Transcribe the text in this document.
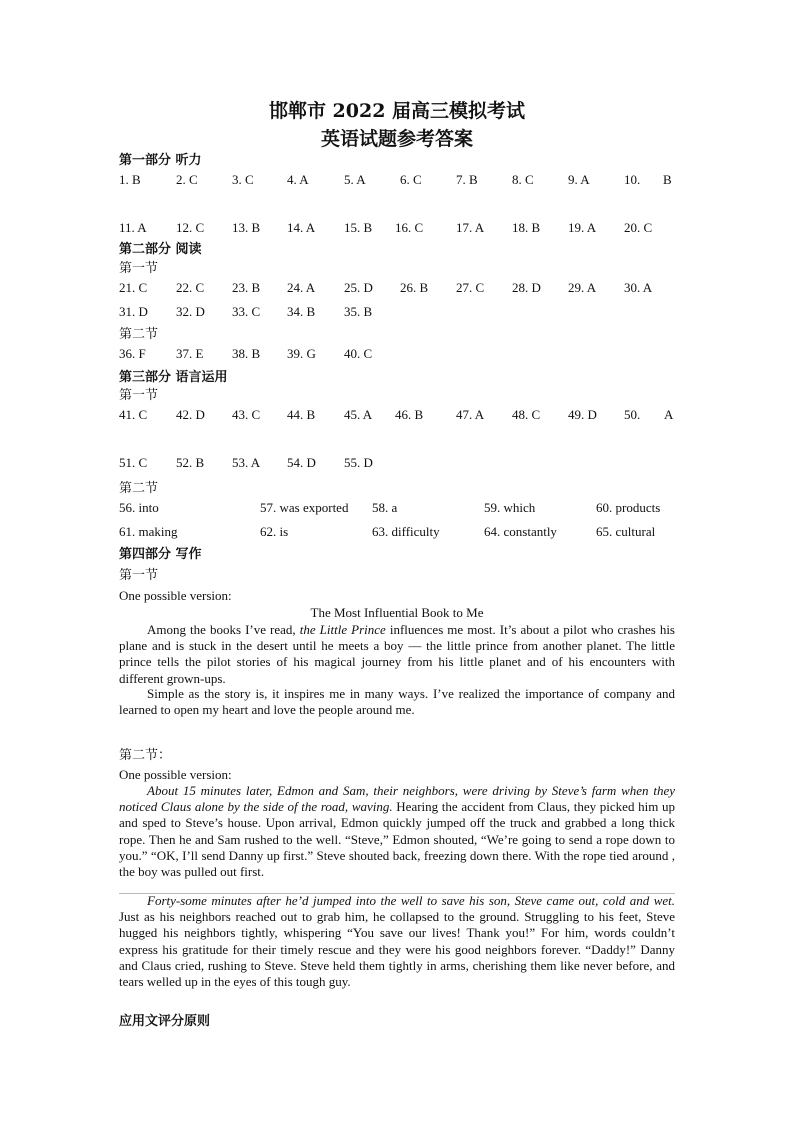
邯郸市 2022 届高三模拟考试
英语试题参考答案
第一部分 听力
1. B	2. C	3. C	4. A	5. A	6. C	7. B	8. C	9. A	10. B
11. A 12. C 13. B 14. A 15. B 16. C	17. A 18. B 19. A 20. C
第二部分 阅读
第一节
21. C 22. C 23. B 24. A 25. D 26. B 27. C 28. D 29. A 30. A
31. D 32. D 33. C 34. B 35. B
第二节
36. F 37. E 38. B 39. G 40. C
第三部分 语言运用
第一节
41. C 42. D 43. C 44. B 45. A 46. B	47. A 48. C 49. D 50. A
51. C 52. B 53. A 54. D 55. D
第二节
56. into	57. was exported 58. a	59. which	60. products
61. making	62. is	63. difficulty	64. constantly	65. cultural
第四部分 写作
第一节
One possible version:
The Most Influential Book to Me
Among the books I’ve read, the Little Prince influences me most. It’s about a pilot who crashes his plane and is stuck in the desert until he meets a boy — the little prince from another planet. The little prince tells the pilot stories of his magical journey from his little planet and of his encounters with different grown-ups.
Simple as the story is, it inspires me in many ways. I’ve realized the importance of company and learned to open my heart and love the people around me.
第二节：
One possible version:
About 15 minutes later, Edmon and Sam, their neighbors, were driving by Steve’s farm when they noticed Claus alone by the side of the road, waving. Hearing the accident from Claus, they picked him up and sped to Steve’s house. Upon arrival, Edmon quickly jumped off the truck and grabbed a long thick rope. Then he and Sam rushed to the well. “Steve,” Edmon shouted, “We’re going to send a rope down to you.” “OK, I’ll send Danny up first.” Steve shouted back, freezing down there. With the rope tied around , the boy was pulled out first.
Forty-some minutes after he’d jumped into the well to save his son, Steve came out, cold and wet. Just as his neighbors reached out to grab him, he collapsed to the ground. Struggling to his feet, Steve hugged his neighbors tightly, whispering “You save our lives! Thank you!” For him, words couldn’t express his gratitude for their timely rescue and they were his good neighbors forever. “Daddy!” Danny and Claus cried, rushing to Steve. Steve held them tightly in arms, cherishing them like never before, and tears welled up in the eyes of this tough guy.
应用文评分原则
